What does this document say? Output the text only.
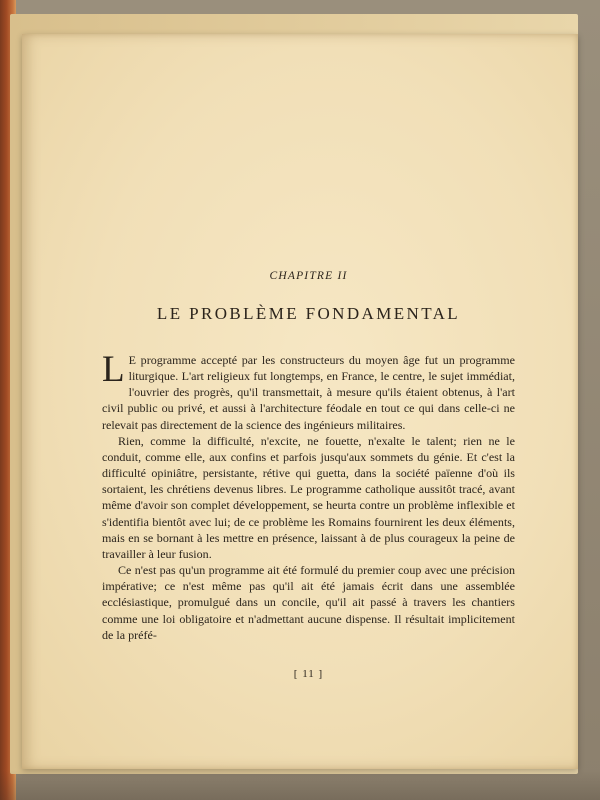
CHAPITRE II
LE PROBLÈME FONDAMENTAL

L E programme accepté par les constructeurs du moyen âge fut un programme liturgique. L'art religieux fut longtemps, en France, le centre, le sujet immédiat, l'ouvrier des progrès, qu'il transmettait, à mesure qu'ils étaient obtenus, à l'art civil public ou privé, et aussi à l'architecture féodale en tout ce qui dans celle-ci ne relevait pas directement de la science des ingénieurs militaires.

Rien, comme la difficulté, n'excite, ne fouette, n'exalte le talent; rien ne le conduit, comme elle, aux confins et parfois jusqu'aux sommets du génie. Et c'est la difficulté opiniâtre, persistante, rétive qui guetta, dans la société païenne d'où ils sortaient, les chrétiens devenus libres. Le programme catholique aussitôt tracé, avant même d'avoir son complet développement, se heurta contre un problème inflexible et s'identifia bientôt avec lui; de ce problème les Romains fournirent les deux éléments, mais en se bornant à les mettre en présence, laissant à de plus courageux la peine de travailler à leur fusion.

Ce n'est pas qu'un programme ait été formulé du premier coup avec une précision impérative; ce n'est même pas qu'il ait été jamais écrit dans une assemblée ecclésiastique, promulgué dans un concile, qu'il ait passé à travers les chantiers comme une loi obligatoire et n'admettant aucune dispense. Il résultait implicitement de la préfé-

[ 11 ]
